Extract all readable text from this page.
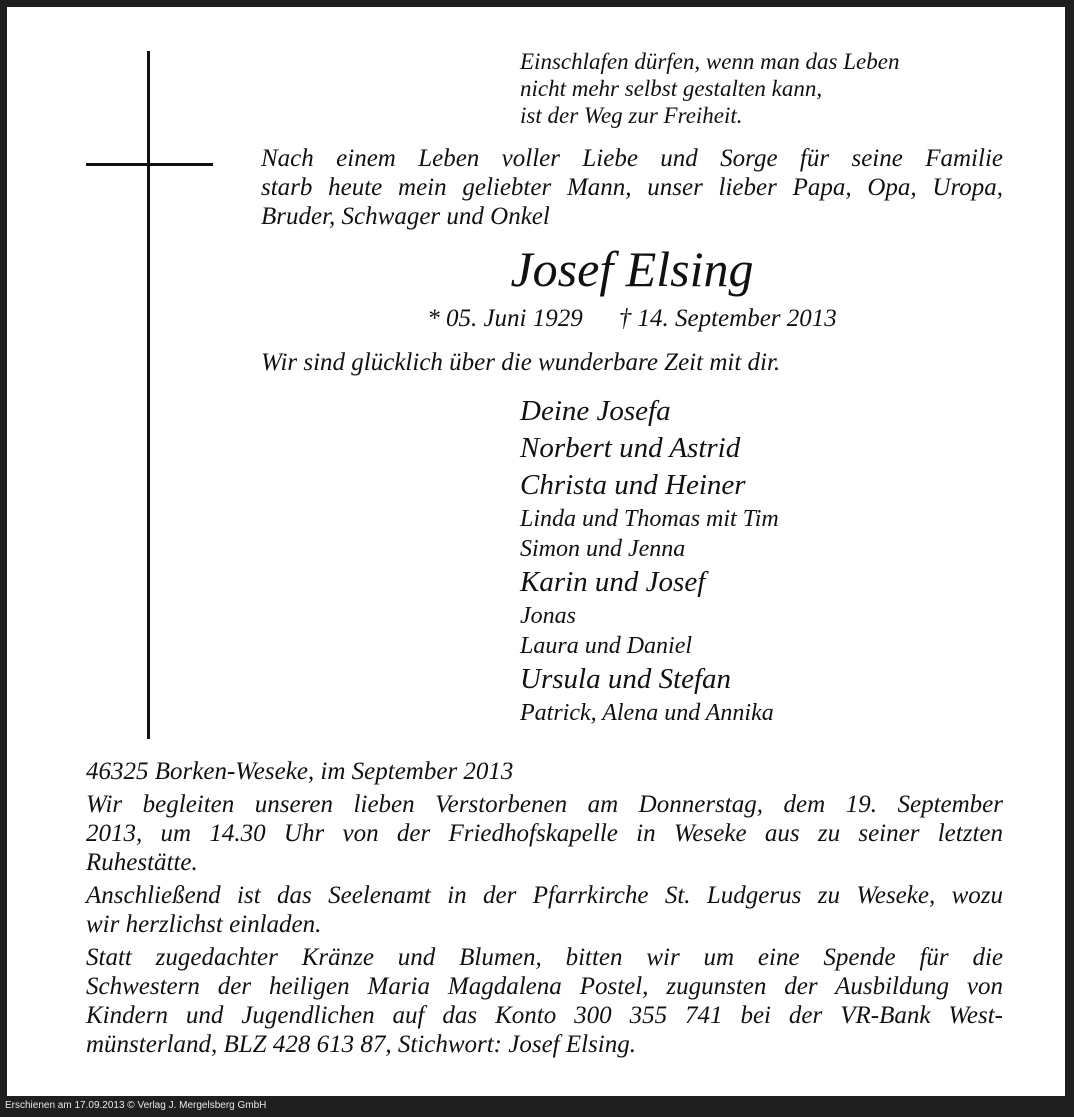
Einschlafen dürfen, wenn man das Leben
nicht mehr selbst gestalten kann,
ist der Weg zur Freiheit.
Nach einem Leben voller Liebe und Sorge für seine Familie
starb heute mein geliebter Mann, unser lieber Papa, Opa, Uropa,
Bruder, Schwager und Onkel
Josef Elsing
* 05. Juni 1929 † 14. September 2013
Wir sind glücklich über die wunderbare Zeit mit dir.
Deine Josefa
Norbert und Astrid
Christa und Heiner
Linda und Thomas mit Tim
Simon und Jenna
Karin und Josef
Jonas
Laura und Daniel
Ursula und Stefan
Patrick, Alena und Annika

46325 Borken-Weseke, im September 2013

Wir begleiten unseren lieben Verstorbenen am Donnerstag, dem 19. September
2013, um 14.30 Uhr von der Friedhofskapelle in Weseke aus zu seiner letzten
Ruhestätte.

Anschließend ist das Seelenamt in der Pfarrkirche St. Ludgerus zu Weseke, wozu
wir herzlichst einladen.

Statt zugedachter Kränze und Blumen, bitten wir um eine Spende für die
Schwestern der heiligen Maria Magdalena Postel, zugunsten der Ausbildung von
Kindern und Jugendlichen auf das Konto 300 355 741 bei der VR-Bank West-
münsterland, BLZ 428 613 87, Stichwort: Josef Elsing.

Erschienen am 17.09.2013 © Verlag J. Mergelsberg GmbH
